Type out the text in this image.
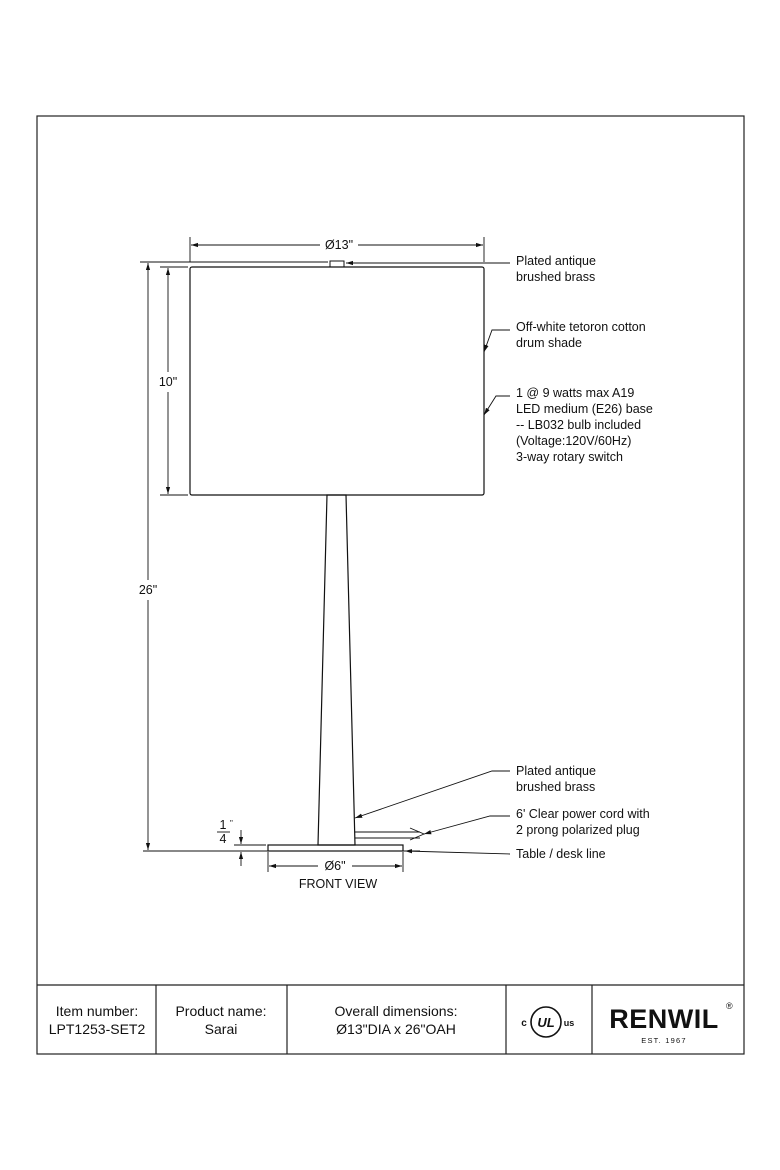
Ø13"
10"
26"
Ø6"
1 "
4
FRONT VIEW
Plated antique brushed brass
Off-white tetoron cotton drum shade
1 @ 9 watts max A19 LED medium (E26) base -- LB032 bulb included (Voltage:120V/60Hz) 3-way rotary switch
Plated antique brushed brass
6' Clear power cord with 2 prong polarized plug
Table / desk line
Item number:
LPT1253-SET2
Product name:
Sarai
Overall dimensions:
Ø13"DIA x 26"OAH	c UL us RENWIL ®
EST. 1967
